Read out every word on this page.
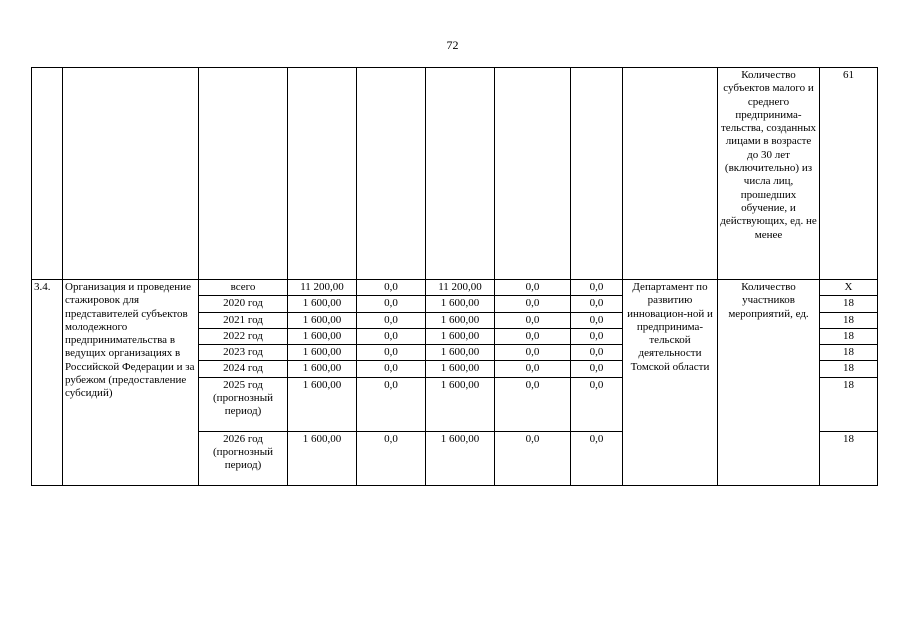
72
									Количество субъектов малого и среднего предпринима-тельства, созданных лицами в возрасте до 30 лет (включительно) из числа лиц, прошедших обучение, и действующих, ед. не менее	61
3.4.	Организация и проведение стажировок для представителей субъектов молодежного предпринимательства в ведущих организациях в Российской Федерации и за рубежом (предоставление субсидий)	всего	11 200,00	0,0	11 200,00	0,0	0,0	Департамент по развитию инновацион-ной и предпринима-тельской деятельности Томской области	Количество участников мероприятий, ед.	Х
		2020 год	1 600,00	0,0	1 600,00	0,0	0,0			18
		2021 год	1 600,00	0,0	1 600,00	0,0	0,0			18
		2022 год	1 600,00	0,0	1 600,00	0,0	0,0			18
		2023 год	1 600,00	0,0	1 600,00	0,0	0,0			18
		2024 год	1 600,00	0,0	1 600,00	0,0	0,0			18
		2025 год (прогнозный период)	1 600,00	0,0	1 600,00	0,0	0,0			18
		2026 год (прогнозный период)	1 600,00	0,0	1 600,00	0,0	0,0			18
